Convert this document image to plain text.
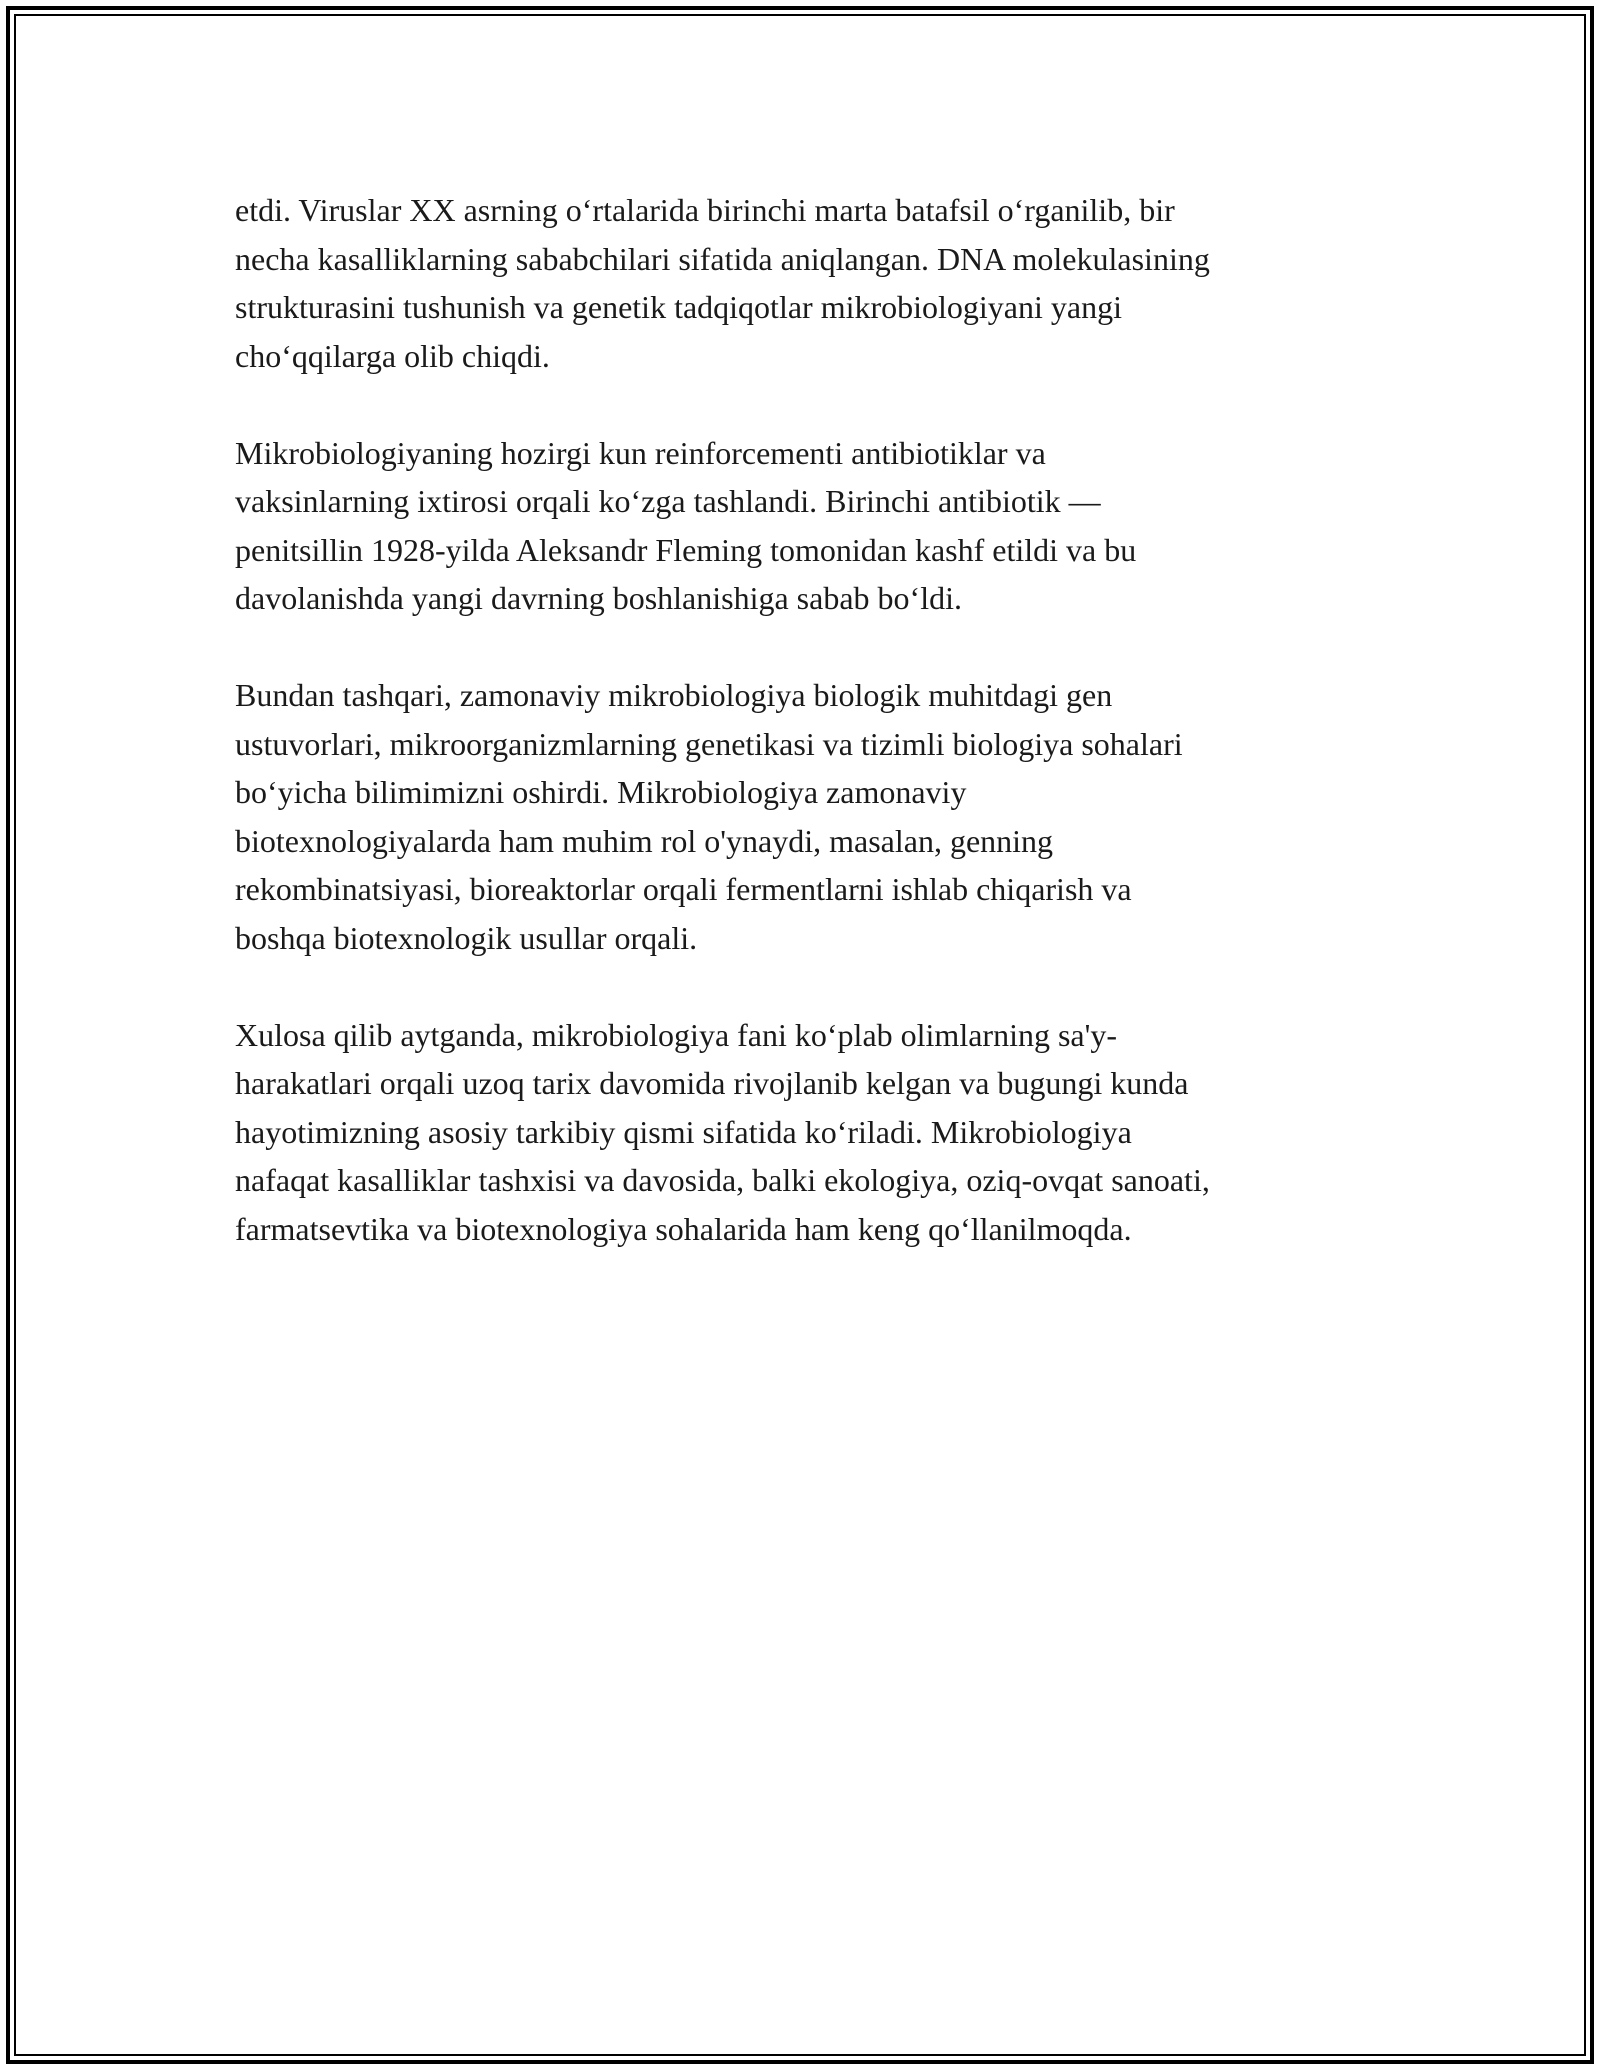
etdi. Viruslar XX asrning o‘rtalarida birinchi marta batafsil o‘rganilib, bir
necha kasalliklarning sababchilari sifatida aniqlangan. DNA molekulasining
strukturasini tushunish va genetik tadqiqotlar mikrobiologiyani yangi
cho‘qqilarga olib chiqdi.

Mikrobiologiyaning hozirgi kun reinforcementi antibiotiklar va
vaksinlarning ixtirosi orqali ko‘zga tashlandi. Birinchi antibiotik —
penitsillin 1928-yilda Aleksandr Fleming tomonidan kashf etildi va bu
davolanishda yangi davrning boshlanishiga sabab bo‘ldi.

Bundan tashqari, zamonaviy mikrobiologiya biologik muhitdagi gen
ustuvorlari, mikroorganizmlarning genetikasi va tizimli biologiya sohalari
bo‘yicha bilimimizni oshirdi. Mikrobiologiya zamonaviy
biotexnologiyalarda ham muhim rol o'ynaydi, masalan, genning
rekombinatsiyasi, bioreaktorlar orqali fermentlarni ishlab chiqarish va
boshqa biotexnologik usullar orqali.

Xulosa qilib aytganda, mikrobiologiya fani ko‘plab olimlarning sa'y-
harakatlari orqali uzoq tarix davomida rivojlanib kelgan va bugungi kunda
hayotimizning asosiy tarkibiy qismi sifatida ko‘riladi. Mikrobiologiya
nafaqat kasalliklar tashxisi va davosida, balki ekologiya, oziq-ovqat sanoati,
farmatsevtika va biotexnologiya sohalarida ham keng qo‘llanilmoqda.
